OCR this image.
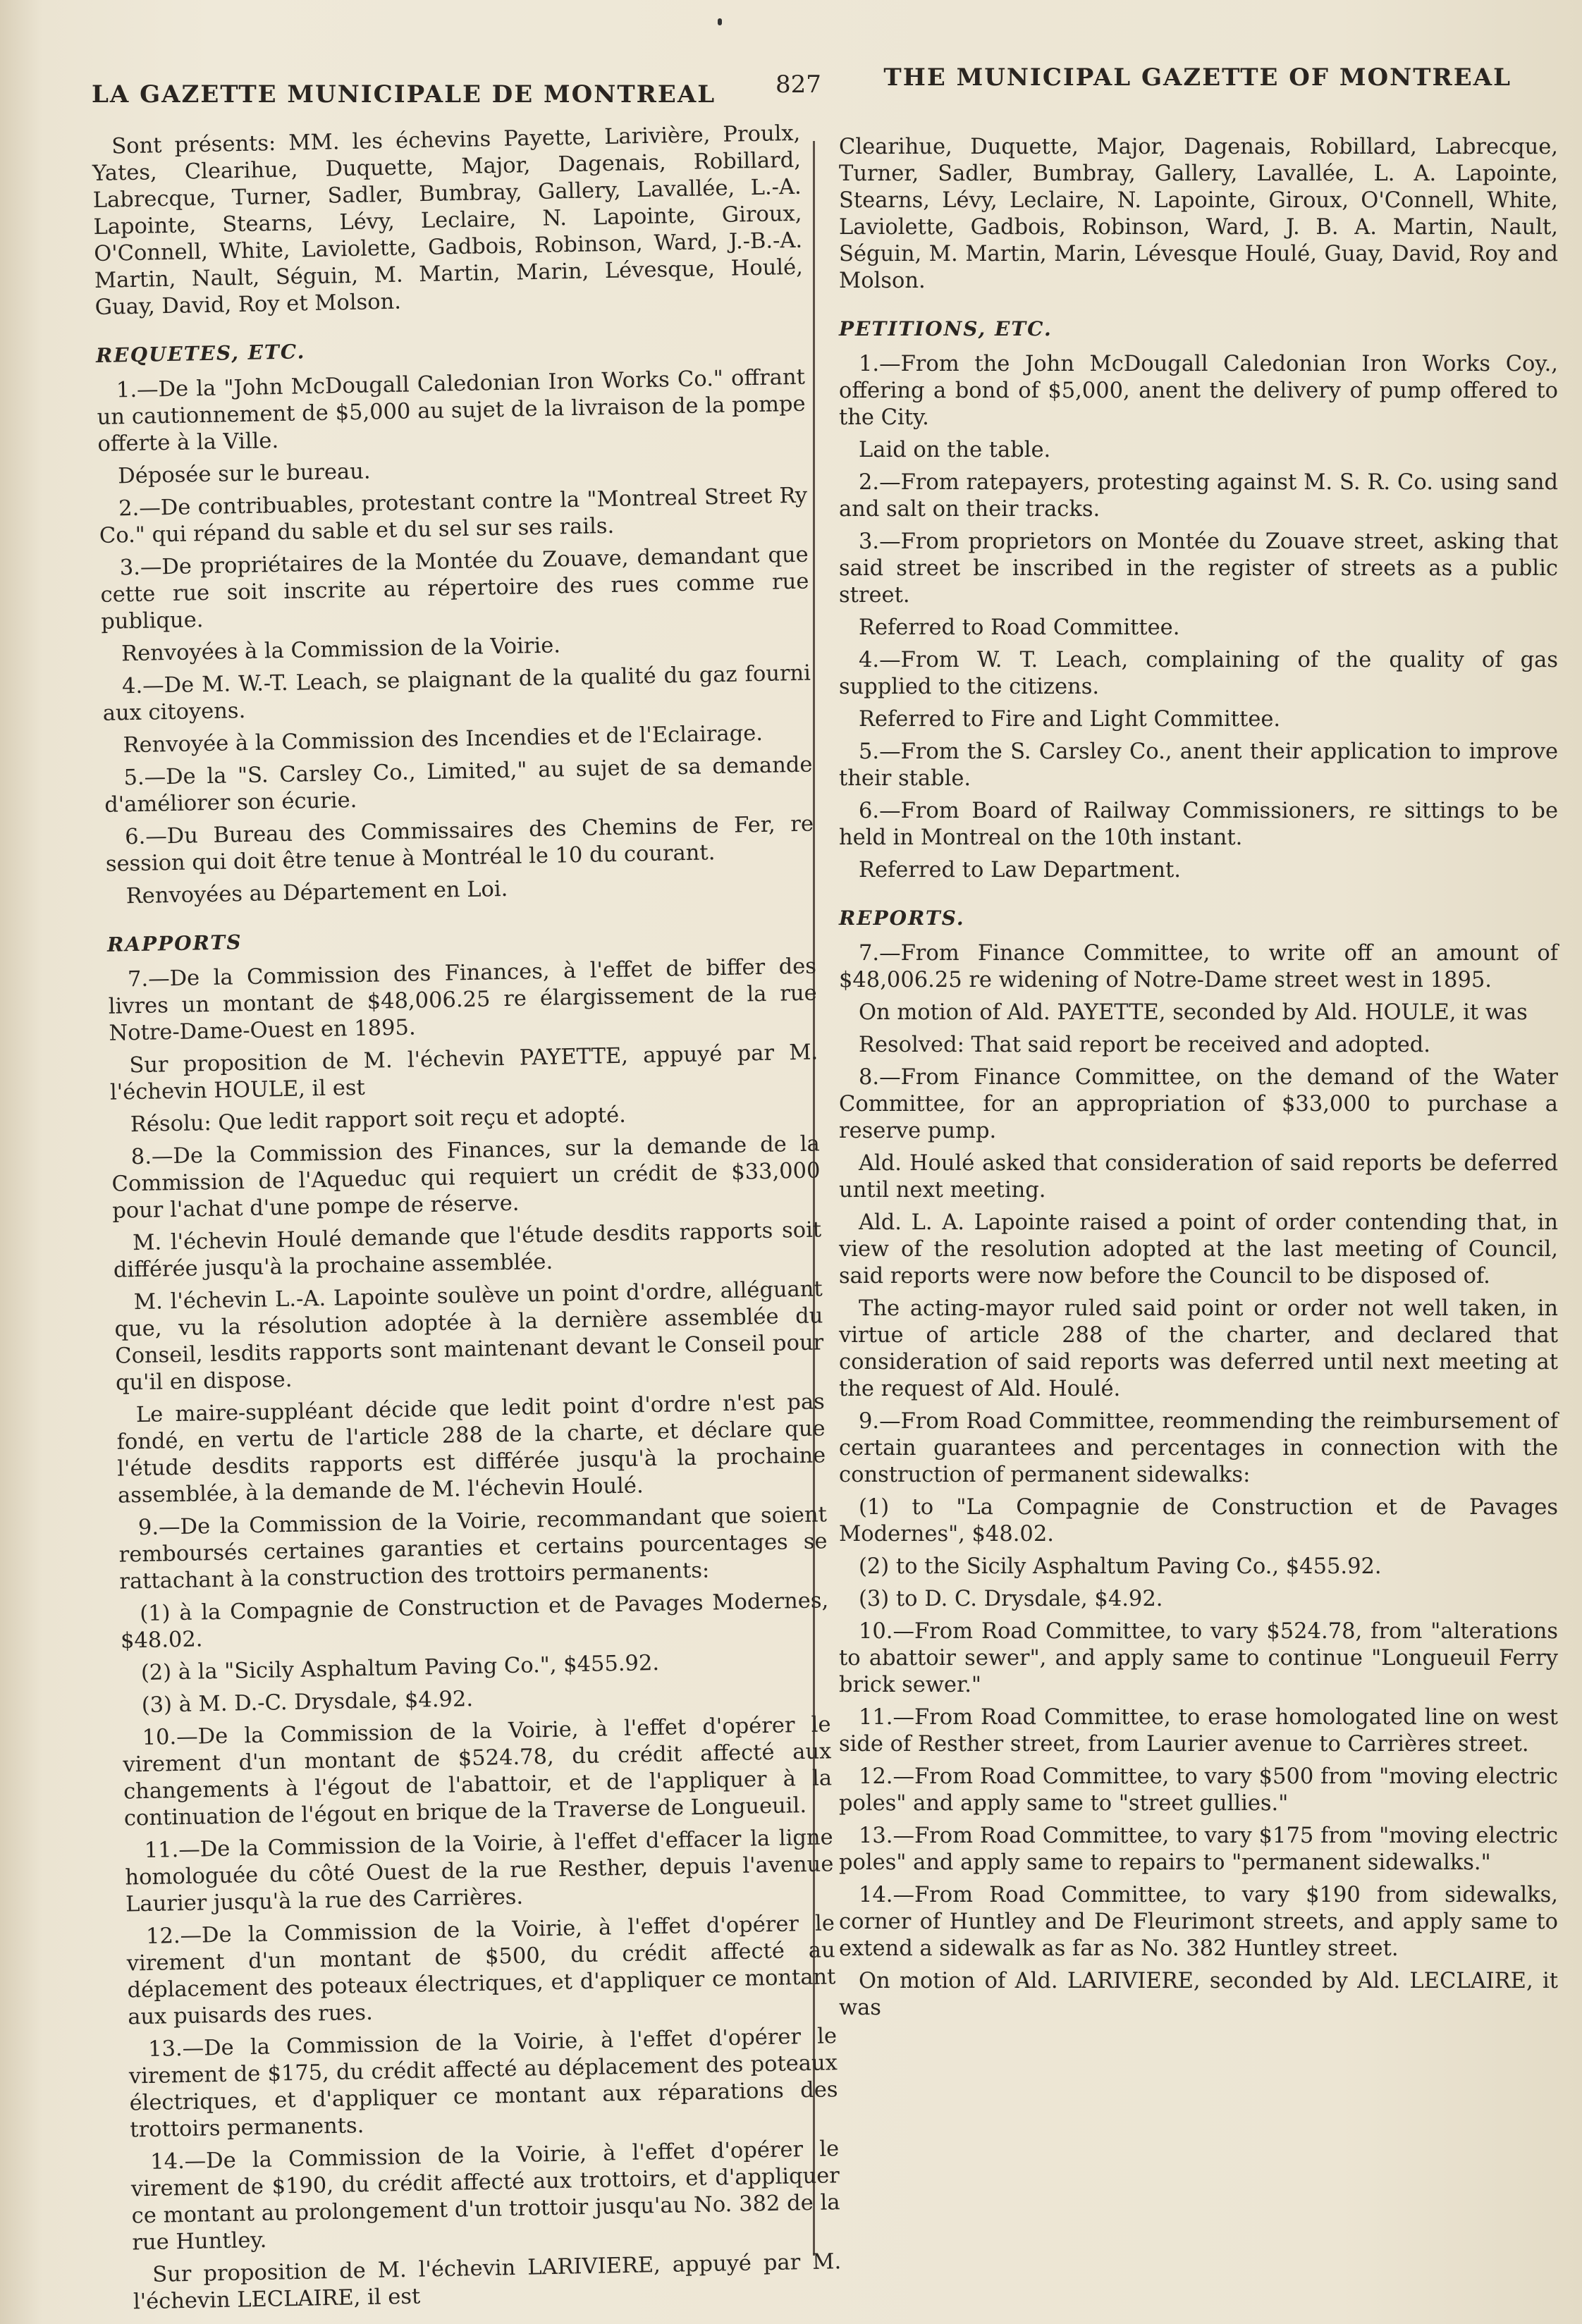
LA GAZETTE MUNICIPALE DE MONTREAL 827	THE MUNICIPAL GAZETTE OF MONTREAL

Sont présents: MM. les échevins Payette, Larivière, Proulx, Yates, Clearihue, Duquette, Major, Dagenais, Robillard, Labrecque, Turner, Sadler, Bumbray, Gallery, Lavallée, L.-A. Lapointe, Stearns, Lévy, Leclaire, N. Lapointe, Giroux, O'Connell, White, Laviolette, Gadbois, Robinson, Ward, J.-B.-A. Martin, Nault, Séguin, M. Martin, Marin, Lévesque, Houlé, Guay, David, Roy et Molson.

REQUETES, ETC.

1.—De la "John McDougall Caledonian Iron Works Co." offrant un cautionnement de $5,000 au sujet de la livraison de la pompe offerte à la Ville.

Déposée sur le bureau.

2.—De contribuables, protestant contre la "Montreal Street Ry Co." qui répand du sable et du sel sur ses rails.

3.—De propriétaires de la Montée du Zouave, demandant que cette rue soit inscrite au répertoire des rues comme rue publique.

Renvoyées à la Commission de la Voirie.

4.—De M. W.-T. Leach, se plaignant de la qualité du gaz fourni aux citoyens.

Renvoyée à la Commission des Incendies et de l'Eclairage.

5.—De la "S. Carsley Co., Limited," au sujet de sa demande d'améliorer son écurie.

6.—Du Bureau des Commissaires des Chemins de Fer, re session qui doit être tenue à Montréal le 10 du courant.

Renvoyées au Département en Loi.

RAPPORTS

7.—De la Commission des Finances, à l'effet de biffer des livres un montant de $48,006.25 re élargissement de la rue Notre-Dame-Ouest en 1895.

Sur proposition de M. l'échevin PAYETTE, appuyé par M. l'échevin HOULE, il est

Résolu: Que ledit rapport soit reçu et adopté.

8.—De la Commission des Finances, sur la demande de la Commission de l'Aqueduc qui requiert un crédit de $33,000 pour l'achat d'une pompe de réserve.

M. l'échevin Houlé demande que l'étude desdits rapports soit différée jusqu'à la prochaine assemblée.

M. l'échevin L.-A. Lapointe soulève un point d'ordre, alléguant que, vu la résolution adoptée à la dernière assemblée du Conseil, lesdits rapports sont maintenant devant le Conseil pour qu'il en dispose.

Le maire-suppléant décide que ledit point d'ordre n'est pas fondé, en vertu de l'article 288 de la charte, et déclare que l'étude desdits rapports est différée jusqu'à la prochaine assemblée, à la demande de M. l'échevin Houlé.

9.—De la Commission de la Voirie, recommandant que soient remboursés certaines garanties et certains pourcentages se rattachant à la construction des trottoirs permanents:

(1) à la Compagnie de Construction et de Pavages Modernes, $48.02.

(2) à la "Sicily Asphaltum Paving Co.", $455.92.

(3) à M. D.-C. Drysdale, $4.92.

10.—De la Commission de la Voirie, à l'effet d'opérer le virement d'un montant de $524.78, du crédit affecté aux changements à l'égout de l'abattoir, et de l'appliquer à la continuation de l'égout en brique de la Traverse de Longueuil.

11.—De la Commission de la Voirie, à l'effet d'effacer la ligne homologuée du côté Ouest de la rue Resther, depuis l'avenue Laurier jusqu'à la rue des Carrières.

12.—De la Commission de la Voirie, à l'effet d'opérer le virement d'un montant de $500, du crédit affecté au déplacement des poteaux électriques, et d'appliquer ce montant aux puisards des rues.

13.—De la Commission de la Voirie, à l'effet d'opérer le virement de $175, du crédit affecté au déplacement des poteaux électriques, et d'appliquer ce montant aux réparations des trottoirs permanents.

14.—De la Commission de la Voirie, à l'effet d'opérer le virement de $190, du crédit affecté aux trottoirs, et d'appliquer ce montant au prolongement d'un trottoir jusqu'au No. 382 de la rue Huntley.

Sur proposition de M. l'échevin LARIVIERE, appuyé par M. l'échevin LECLAIRE, il est

Clearihue, Duquette, Major, Dagenais, Robillard, Labrecque, Turner, Sadler, Bumbray, Gallery, Lavallée, L. A. Lapointe, Stearns, Lévy, Leclaire, N. Lapointe, Giroux, O'Connell, White, Laviolette, Gadbois, Robinson, Ward, J. B. A. Martin, Nault, Séguin, M. Martin, Marin, Lévesque Houlé, Guay, David, Roy and Molson.

PETITIONS, ETC.

1.—From the John McDougall Caledonian Iron Works Coy., offering a bond of $5,000, anent the delivery of pump offered to the City.

Laid on the table.

2.—From ratepayers, protesting against M. S. R. Co. using sand and salt on their tracks.

3.—From proprietors on Montée du Zouave street, asking that said street be inscribed in the register of streets as a public street.

Referred to Road Committee.

4.—From W. T. Leach, complaining of the quality of gas supplied to the citizens.

Referred to Fire and Light Committee.

5.—From the S. Carsley Co., anent their application to improve their stable.

6.—From Board of Railway Commissioners, re sittings to be held in Montreal on the 10th instant.

Referred to Law Department.

REPORTS.

7.—From Finance Committee, to write off an amount of $48,006.25 re widening of Notre-Dame street west in 1895.

On motion of Ald. PAYETTE, seconded by Ald. HOULE, it was

Resolved: That said report be received and adopted.

8.—From Finance Committee, on the demand of the Water Committee, for an appropriation of $33,000 to purchase a reserve pump.

Ald. Houlé asked that consideration of said reports be deferred until next meeting.

Ald. L. A. Lapointe raised a point of order contending that, in view of the resolution adopted at the last meeting of Council, said reports were now before the Council to be disposed of.

The acting-mayor ruled said point or order not well taken, in virtue of article 288 of the charter, and declared that consideration of said reports was deferred until next meeting at the request of Ald. Houlé.

9.—From Road Committee, reommending the reimbursement of certain guarantees and percentages in connection with the construction of permanent sidewalks:

(1) to "La Compagnie de Construction et de Pavages Modernes", $48.02.

(2) to the Sicily Asphaltum Paving Co., $455.92.

(3) to D. C. Drysdale, $4.92.

10.—From Road Committee, to vary $524.78, from "alterations to abattoir sewer", and apply same to continue "Longueuil Ferry brick sewer."

11.—From Road Committee, to erase homologated line on west side of Resther street, from Laurier avenue to Carrières street.

12.—From Road Committee, to vary $500 from "moving electric poles" and apply same to "street gullies."

13.—From Road Committee, to vary $175 from "moving electric poles" and apply same to repairs to "permanent sidewalks."

14.—From Road Committee, to vary $190 from sidewalks, corner of Huntley and De Fleurimont streets, and apply same to extend a sidewalk as far as No. 382 Huntley street.

On motion of Ald. LARIVIERE, seconded by Ald. LECLAIRE, it was
